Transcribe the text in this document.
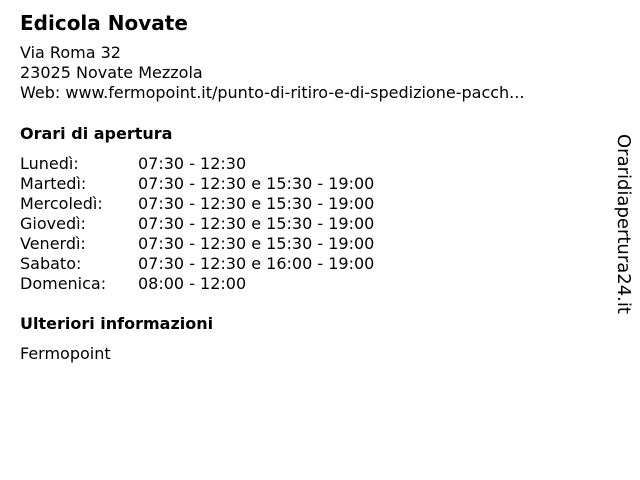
Edicola Novate
Via Roma 32
23025 Novate Mezzola
Web: www.fermopoint.it/punto-di-ritiro-e-di-spedizione-pacch...
Orari di apertura
Lunedì:	07:30 - 12:30
Martedì:	07:30 - 12:30 e 15:30 - 19:00
Mercoledì: 07:30 - 12:30 e 15:30 - 19:00
Giovedì:	07:30 - 12:30 e 15:30 - 19:00
Venerdì:	07:30 - 12:30 e 15:30 - 19:00
Sabato:	07:30 - 12:30 e 16:00 - 19:00
Domenica: 08:00 - 12:00
Ulteriori informazioni
Fermopoint
Oraridiapertura24.it
